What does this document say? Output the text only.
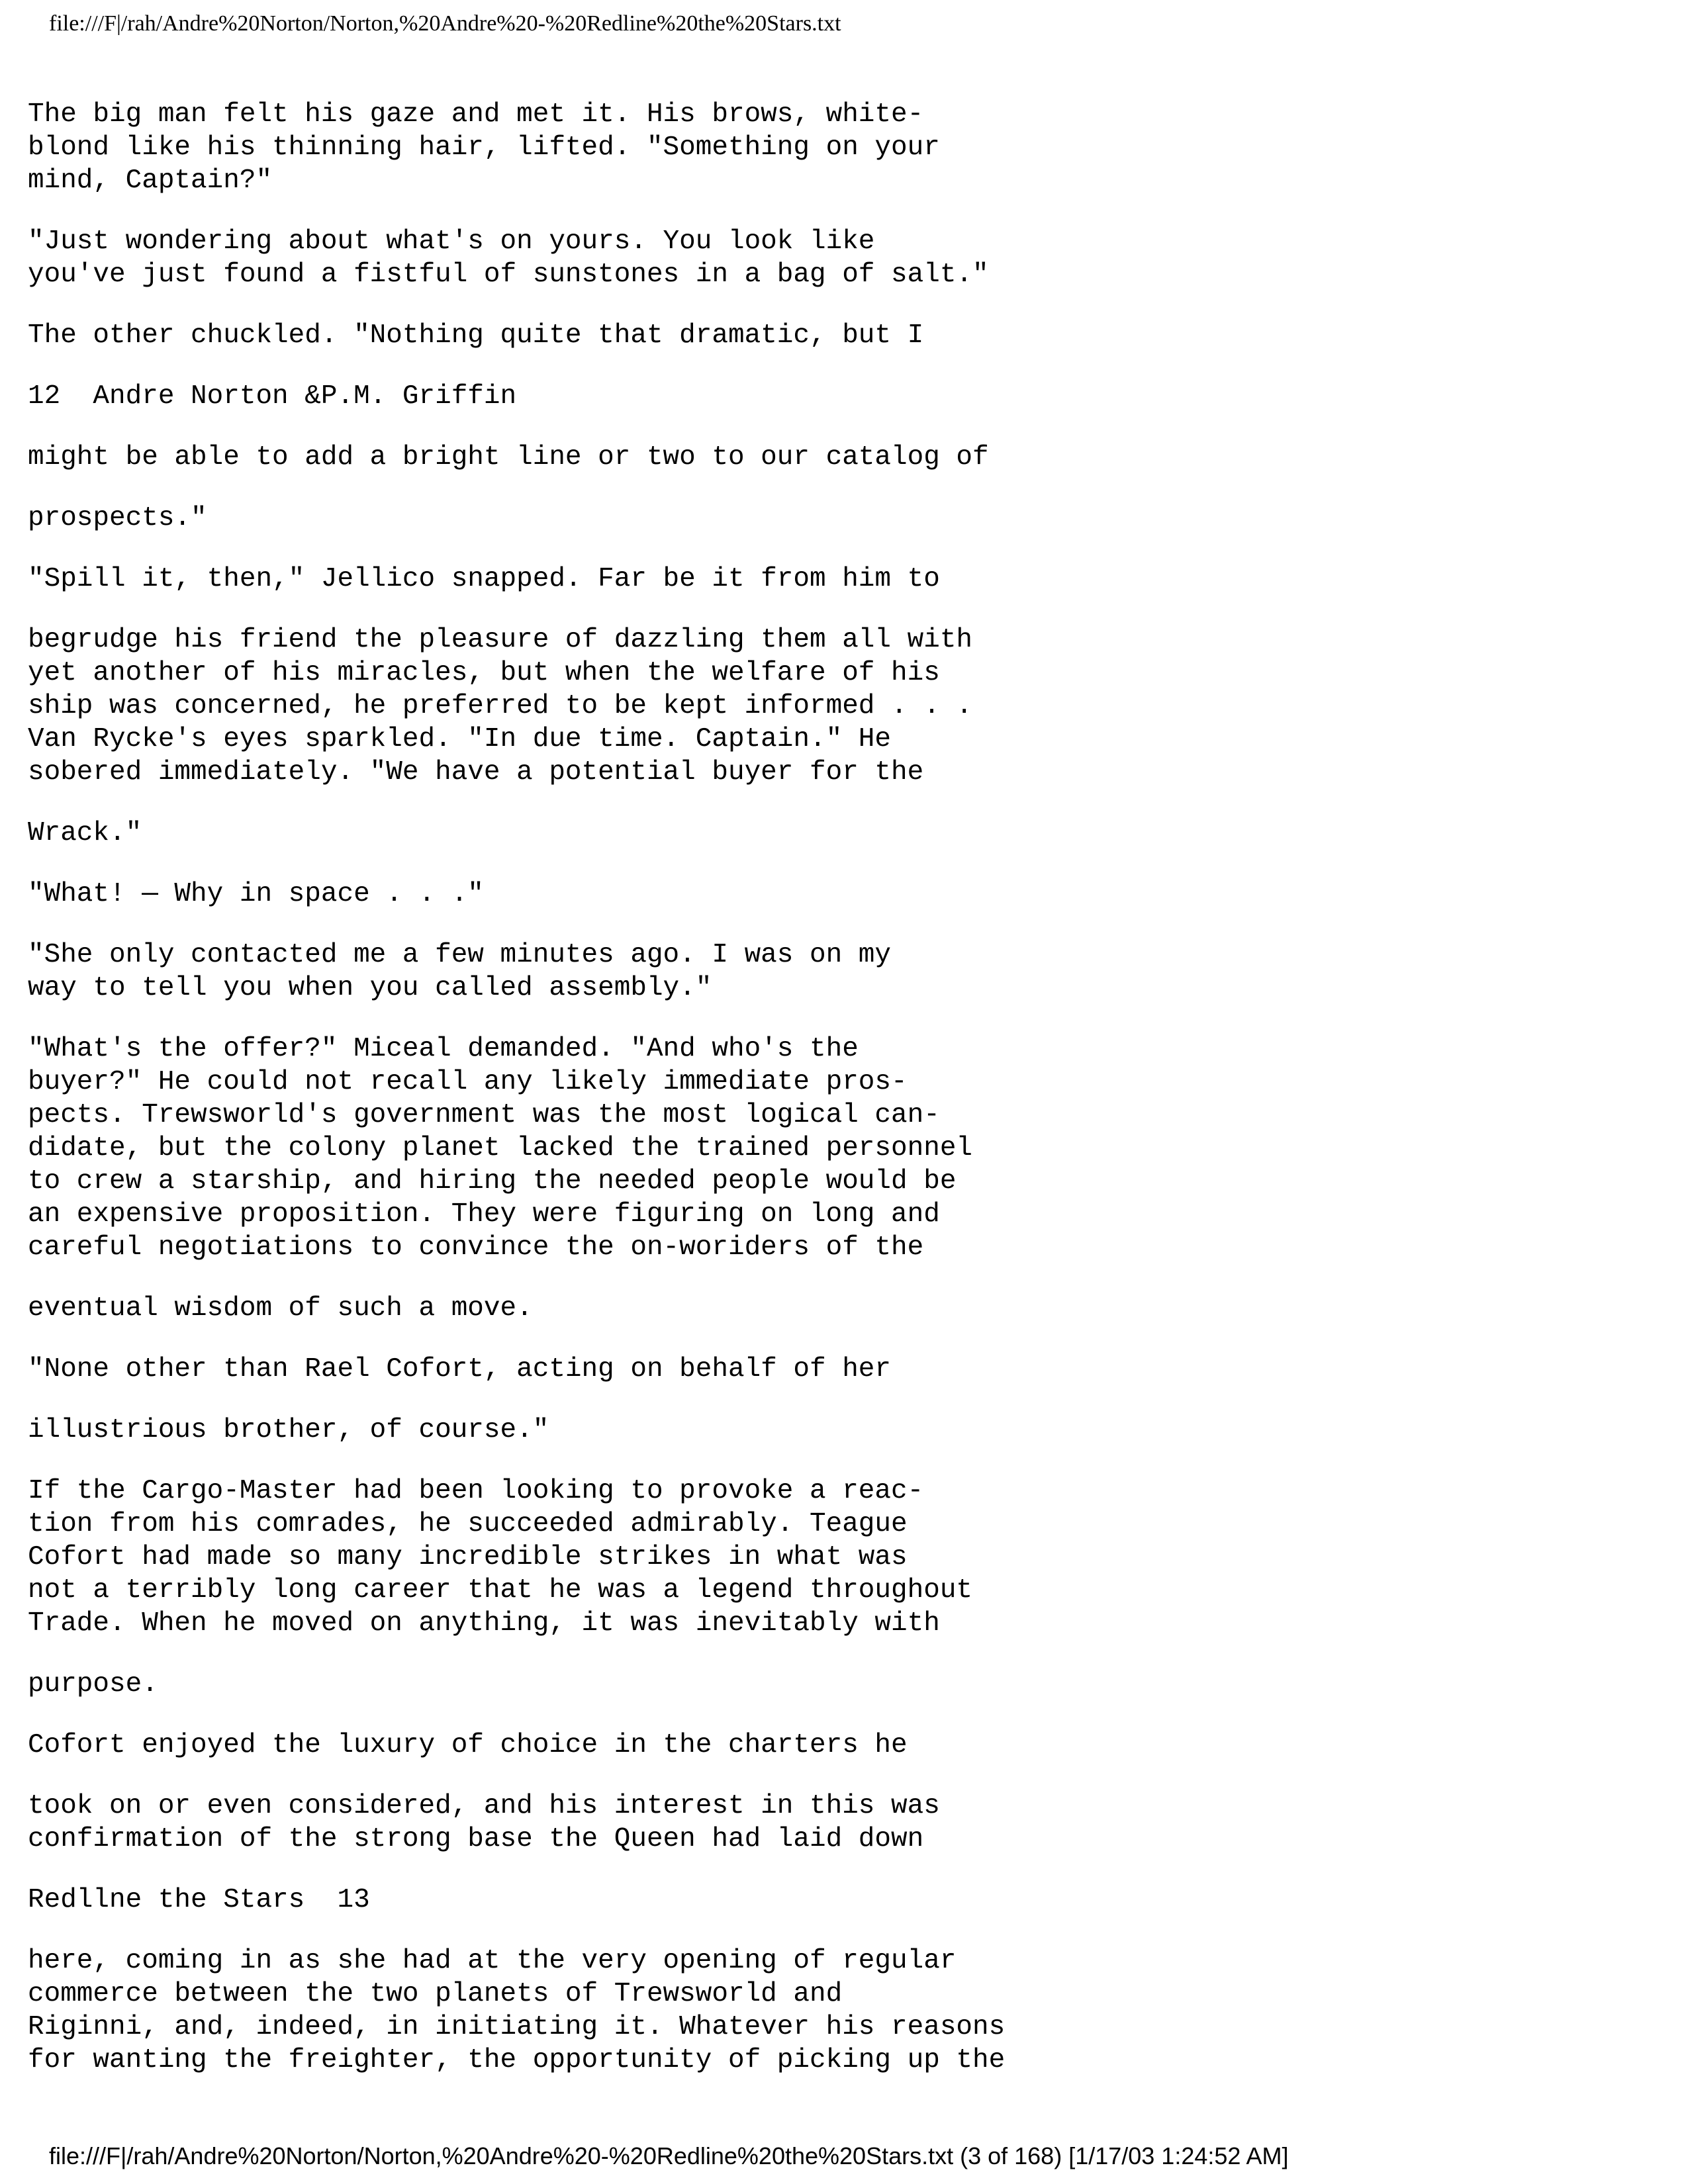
file:///F|/rah/Andre%20Norton/Norton,%20Andre%20-%20Redline%20the%20Stars.txt
The big man felt his gaze and met it. His brows, white-
blond like his thinning hair, lifted. "Something on your
mind, Captain?"
"Just wondering about what's on yours. You look like
you've just found a fistful of sunstones in a bag of salt."
The other chuckled. "Nothing quite that dramatic, but I
12  Andre Norton &P.M. Griffin
might be able to add a bright line or two to our catalog of
prospects."
"Spill it, then," Jellico snapped. Far be it from him to
begrudge his friend the pleasure of dazzling them all with
yet another of his miracles, but when the welfare of his
ship was concerned, he preferred to be kept informed . . .
Van Rycke's eyes sparkled. "In due time. Captain." He
sobered immediately. "We have a potential buyer for the
Wrack."
"What! — Why in space . . ."
"She only contacted me a few minutes ago. I was on my
way to tell you when you called assembly."
"What's the offer?" Miceal demanded. "And who's the
buyer?" He could not recall any likely immediate pros-
pects. Trewsworld's government was the most logical can-
didate, but the colony planet lacked the trained personnel
to crew a starship, and hiring the needed people would be
an expensive proposition. They were figuring on long and
careful negotiations to convince the on-woriders of the
eventual wisdom of such a move.
"None other than Rael Cofort, acting on behalf of her
illustrious brother, of course."
If the Cargo-Master had been looking to provoke a reac-
tion from his comrades, he succeeded admirably. Teague
Cofort had made so many incredible strikes in what was
not a terribly long career that he was a legend throughout
Trade. When he moved on anything, it was inevitably with
purpose.
Cofort enjoyed the luxury of choice in the charters he
took on or even considered, and his interest in this was
confirmation of the strong base the Queen had laid down
Redllne the Stars  13
here, coming in as she had at the very opening of regular
commerce between the two planets of Trewsworld and
Riginni, and, indeed, in initiating it. Whatever his reasons
for wanting the freighter, the opportunity of picking up the
file:///F|/rah/Andre%20Norton/Norton,%20Andre%20-%20Redline%20the%20Stars.txt (3 of 168) [1/17/03 1:24:52 AM]
